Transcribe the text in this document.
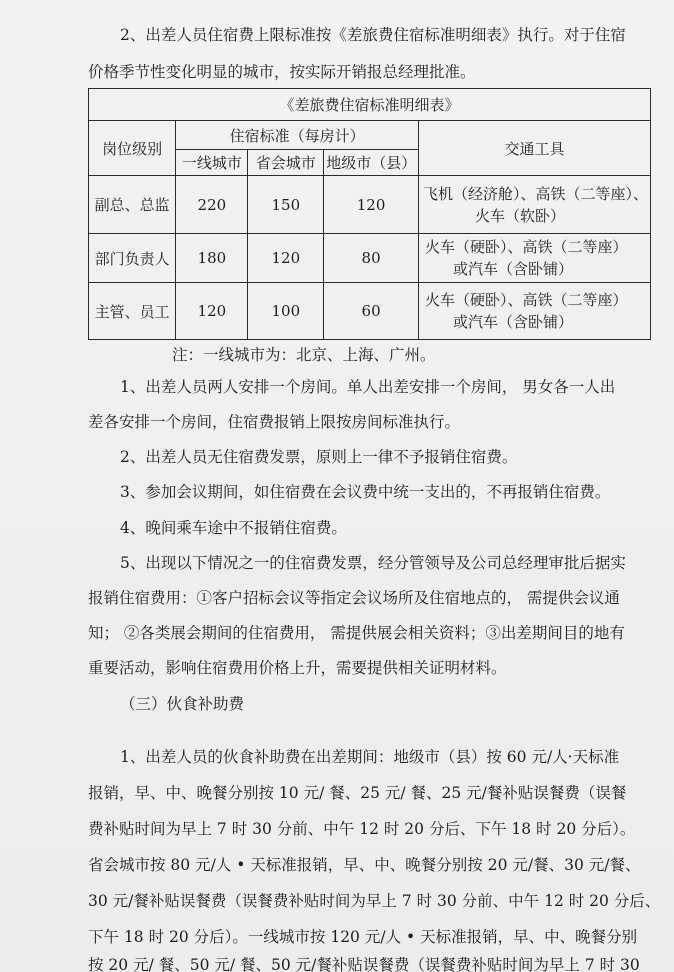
2、出差人员住宿费上限标准按《差旅费住宿标准明细表》执行。对于住宿
价格季节性变化明显的城市，按实际开销报总经理批准。
《差旅费住宿标准明细表》				
岗位级别	住宿标准（每房计）			交通工具
	一线城市	省会城市	地级市（县）	
副总、总监	220	150	120	飞机（经济舱）、高铁（二等座）、
火车（软卧）

部门负责人	180	120	80	火车（硬卧）、高铁（二等座）
或汽车（含卧铺）

主管、员工	120	100	60	火车（硬卧）、高铁（二等座）
或汽车（含卧铺）
注：一线城市为：北京、上海、广州。
1、出差人员两人安排一个房间。单人出差安排一个房间， 男女各一人出
差各安排一个房间，住宿费报销上限按房间标准执行。
2、出差人员无住宿费发票，原则上一律不予报销住宿费。
3、参加会议期间，如住宿费在会议费中统一支出的，不再报销住宿费。
4、晚间乘车途中不报销住宿费。
5、出现以下情况之一的住宿费发票，经分管领导及公司总经理审批后据实
报销住宿费用：①客户招标会议等指定会议场所及住宿地点的， 需提供会议通
知； ②各类展会期间的住宿费用， 需提供展会相关资料；③出差期间目的地有
重要活动，影响住宿费用价格上升，需要提供相关证明材料。
（三）伙食补助费
1、出差人员的伙食补助费在出差期间：地级市（县）按 60 元/人·天标准
报销，早、中、晚餐分别按 10 元/ 餐、25 元/ 餐、25 元/餐补贴误餐费（误餐
费补贴时间为早上 7 时 30 分前、中午 12 时 20 分后、下午 18 时 20 分后）。
省会城市按 80 元/人 • 天标准报销，早、中、晚餐分别按 20 元/餐、30 元/餐、
30 元/餐补贴误餐费（误餐费补贴时间为早上 7 时 30 分前、中午 12 时 20 分后、
下午 18 时 20 分后）。一线城市按 120 元/人 • 天标准报销，早、中、晚餐分别
按 20 元/ 餐、50 元/ 餐、50 元/餐补贴误餐费（误餐费补贴时间为早上 7 时 30
